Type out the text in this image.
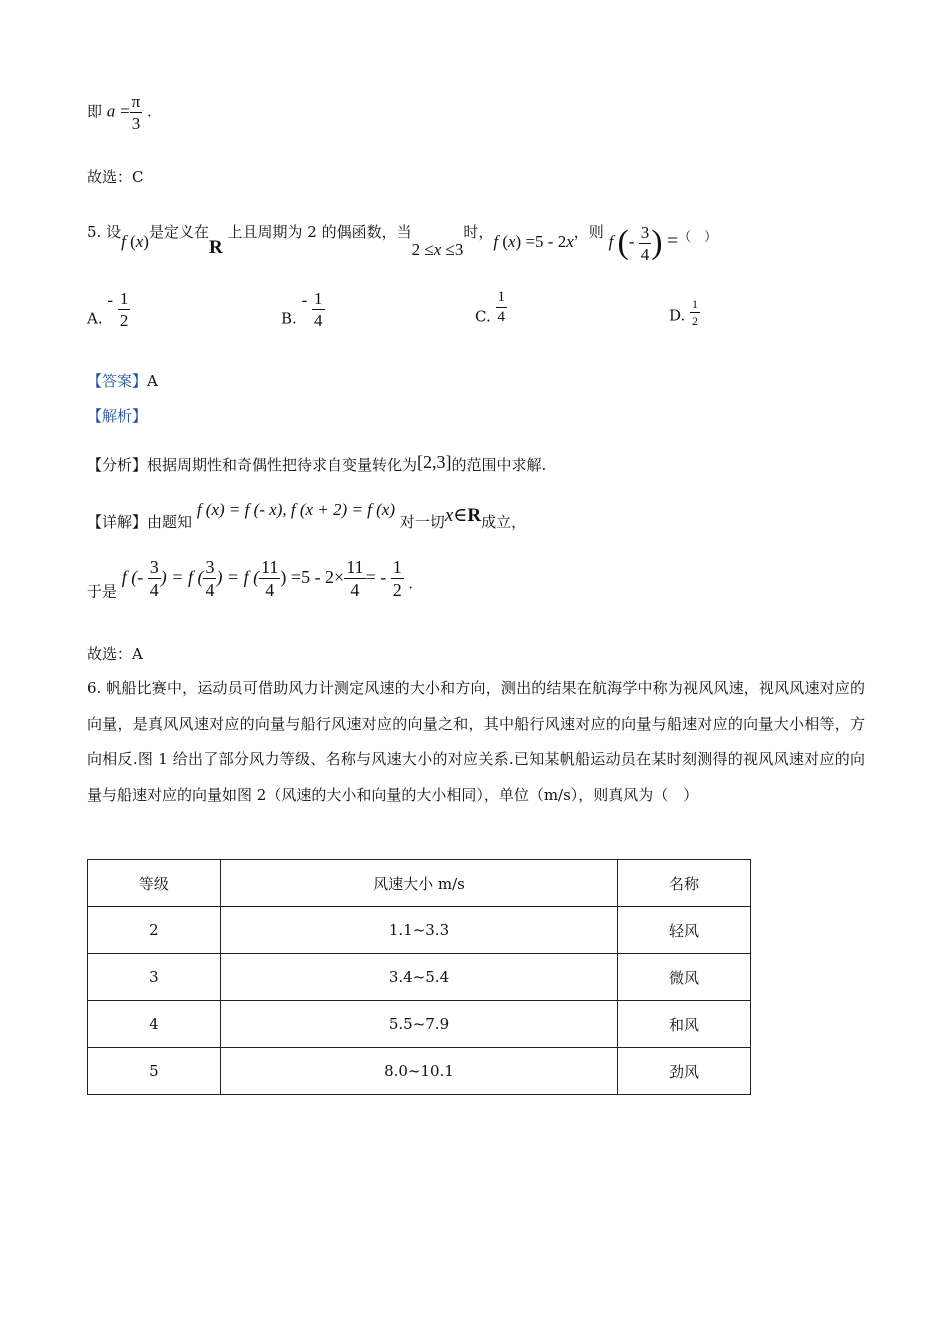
即 $a = \frac{\pi}{3}$ .
故选：C
5. 设f (x)是定义在R 上且周期为 2 的偶函数，当2 ≤x ≤3时，f (x) =5 - 2x，则 f (- $\frac{3}{4}$ ) =（　）
A. - $\frac{1}{2}$	B. - $\frac{1}{4}$	C. $\frac{1}{4}$	D. $\frac{1}{2}$
【答案】A
【解析】
【分析】根据周期性和奇偶性把待求自变量转化为[2,3]的范围中求解.
【详解】由题知 f (x) = f (- x), f (x + 2) = f (x) 对一切x∈R成立，
于是 f (- $\frac{3}{4}$ ) = f ( $\frac{3}{4}$ ) = f ( $\frac{11}{4}$ ) $=5 - 2\times \frac{11}{4}$ = - $\frac{1}{2}$ .
故选：A
6. 帆船比赛中，运动员可借助风力计测定风速的大小和方向，测出的结果在航海学中称为视风风速，视风风速对应的向量，是真风风速对应的向量与船行风速对应的向量之和，其中船行风速对应的向量与船速对应的向量大小相等，方向相反.图 1 给出了部分风力等级、名称与风速大小的对应关系.已知某帆船运动员在某时刻测得的视风风速对应的向量与船速对应的向量如图 2（风速的大小和向量的大小相同），单位（m/s），则真风为（　）
等级	风速大小 m/s	名称
2	1.1~3.3	轻风
3	3.4~5.4	微风
4	5.5~7.9	和风
5	8.0~10.1	劲风
